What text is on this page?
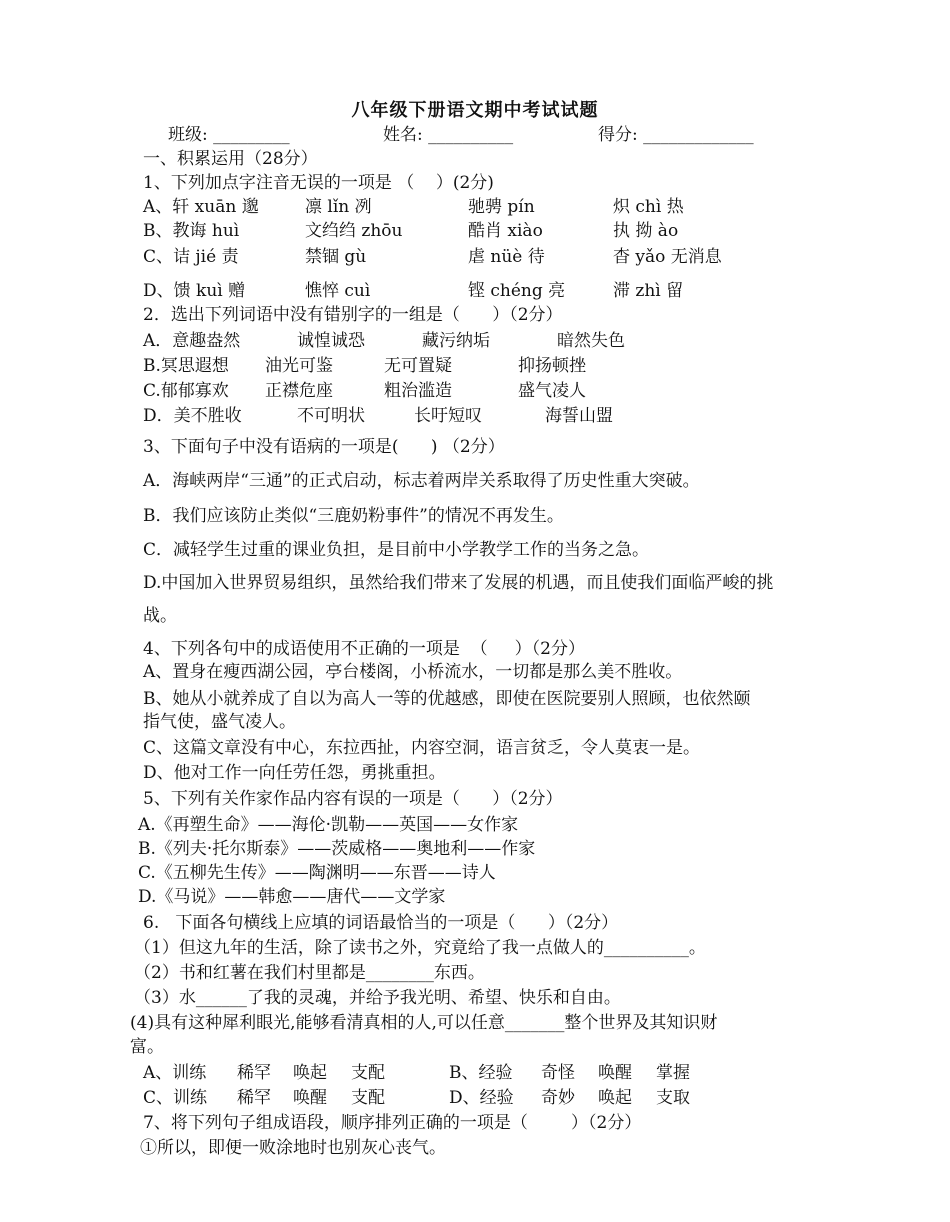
八年级下册语文期中考试试题
班级: _________	姓名: __________	得分: _____________
一、积累运用（28分）
1、下列加点字注音无误的一项是 （    ）(2分)
A、轩 xuān 邈	凛 lǐn 冽	驰骋 pín	炽 chì 热
B、教诲 huì	文绉绉 zhōu	酷肖 xiào	执 拗 ào
C、诘 jié 责	禁锢 gù	虐 nüè 待	杳 yǎo 无消息
D、馈 kuì 赠	憔悴 cuì	铿 chéng 亮	滞 zhì 留
2．选出下列词语中没有错别字的一组是（      ）（2分）
A．意趣盎然	诚惶诚恐	藏污纳垢	暗然失色
B.冥思遐想 油光可鉴	无可置疑	抑扬顿挫
C.郁郁寡欢 正襟危座	粗治滥造	盛气凌人
D．美不胜收	不可明状	长吁短叹	海誓山盟
3、下面句子中没有语病的一项是(      ) （2分）
A．海峡两岸“三通”的正式启动，标志着两岸关系取得了历史性重大突破。
B．我们应该防止类似“三鹿奶粉事件”的情况不再发生。
C．减轻学生过重的课业负担，是目前中小学教学工作的当务之急。
D.中国加入世界贸易组织，虽然给我们带来了发展的机遇，而且使我们面临严峻的挑
战。
4、下列各句中的成语使用不正确的一项是  （     ）（2分）
A、置身在瘦西湖公园，亭台楼阁，小桥流水，一切都是那么美不胜收。
B、她从小就养成了自以为高人一等的优越感，即使在医院要别人照顾，也依然颐
指气使，盛气凌人。
C、这篇文章没有中心，东拉西扯，内容空洞，语言贫乏，令人莫衷一是。
D、他对工作一向任劳任怨，勇挑重担。
5、下列有关作家作品内容有误的一项是（      ）（2分）
A.《再塑生命》——海伦·凯勒——英国——女作家
B.《列夫·托尔斯泰》——茨威格——奥地利——作家
C.《五柳先生传》——陶渊明——东晋——诗人
D.《马说》——韩愈——唐代——文学家
6.   下面各句横线上应填的词语最恰当的一项是（      ）（2分）
（1）但这九年的生活，除了读书之外，究竟给了我一点做人的__________。
（2）书和红薯在我们村里都是________东西。
（3）水______了我的灵魂，并给予我光明、希望、快乐和自由。
(4)具有这种犀利眼光,能够看清真相的人,可以任意_______整个世界及其知识财
富。
A、训练 稀罕 唤起 支配	B、经验 奇怪 唤醒 掌握
C、训练 稀罕 唤醒 支配	D、经验 奇妙 唤起 支取
7、将下列句子组成语段，顺序排列正确的一项是（        ）（2分）
①所以，即便一败涂地时也别灰心丧气。
